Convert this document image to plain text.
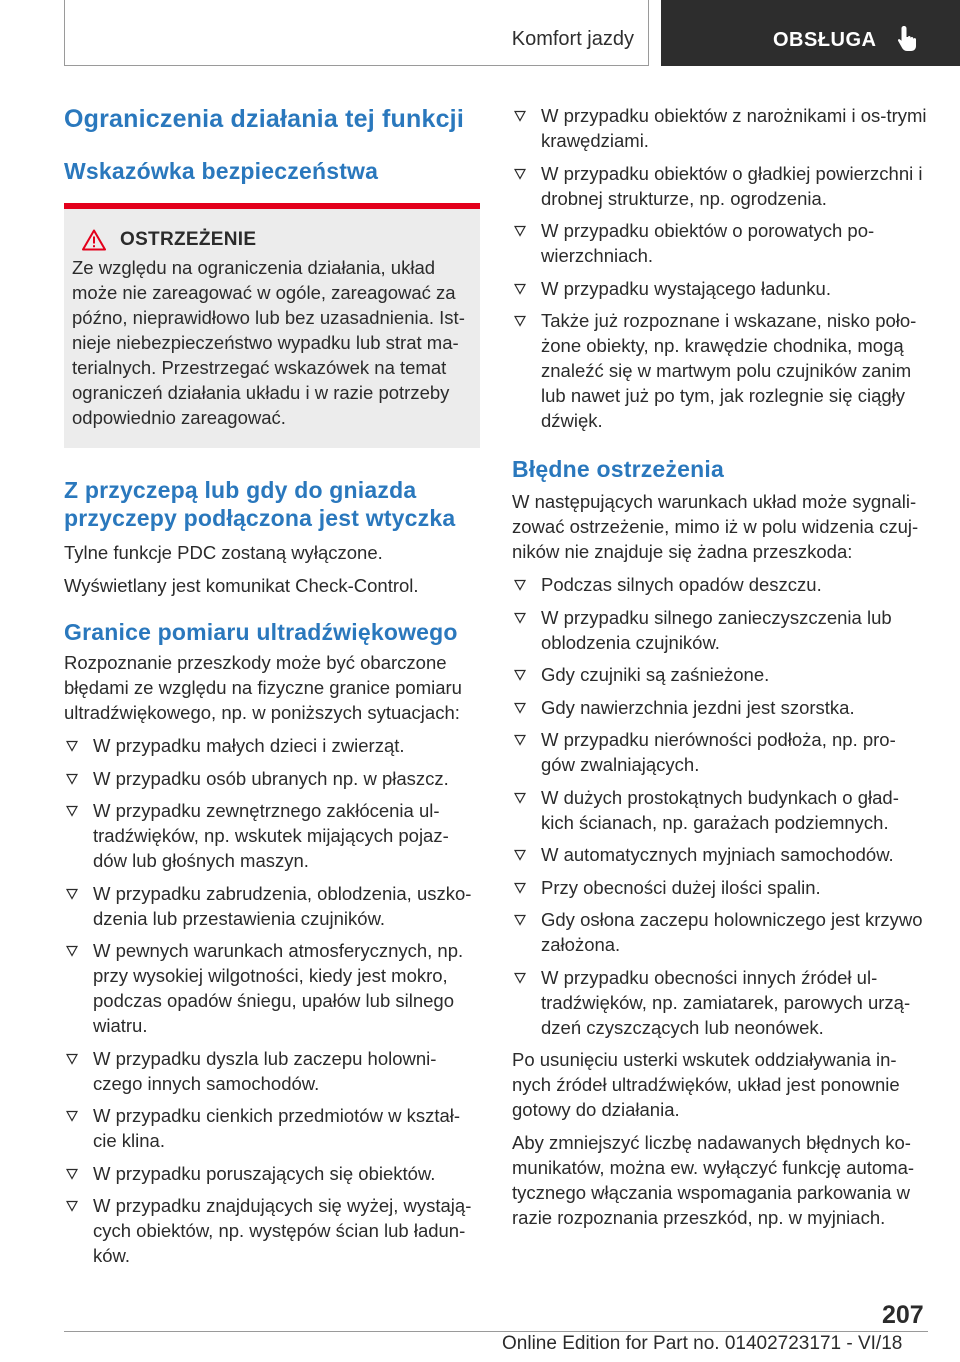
Komfort jazdy	OBSŁUGA
Ograniczenia działania tej funkcji
Wskazówka bezpieczeństwa
OSTRZEŻENIE

Ze względu na ograniczenia działania, układ może nie zareagować w ogóle, zareagować za późno, nieprawidłowo lub bez uzasadnienia. Ist-nieje niebezpieczeństwo wypadku lub strat ma-terialnych. Przestrzegać wskazówek na temat ograniczeń działania układu i w razie potrzeby odpowiednio zareagować.

Z przyczepą lub gdy do gniazda przyczepy podłączona jest wtyczka

Tylne funkcje PDC zostaną wyłączone.

Wyświetlany jest komunikat Check-Control.

Granice pomiaru ultradźwiękowego

Rozpoznanie przeszkody może być obarczone błędami ze względu na fizyczne granice pomiaru ultradźwiękowego, np. w poniższych sytuacjach:

W przypadku małych dzieci i zwierząt.
W przypadku osób ubranych np. w płaszcz.
W przypadku zewnętrznego zakłócenia ul-tradźwięków, np. wskutek mijających pojaz-dów lub głośnych maszyn.
W przypadku zabrudzenia, oblodzenia, uszko-dzenia lub przestawienia czujników.
W pewnych warunkach atmosferycznych, np. przy wysokiej wilgotności, kiedy jest mokro, podczas opadów śniegu, upałów lub silnego wiatru.
W przypadku dyszla lub zaczepu holowni-czego innych samochodów.
W przypadku cienkich przedmiotów w kształ-cie klina.
W przypadku poruszających się obiektów.
W przypadku znajdujących się wyżej, wystają-cych obiektów, np. występów ścian lub ładun-ków.
W przypadku obiektów z narożnikami i os-trymi krawędziami.
W przypadku obiektów o gładkiej powierzchni i drobnej strukturze, np. ogrodzenia.
W przypadku obiektów o porowatych po-wierzchniach.
W przypadku wystającego ładunku.
Także już rozpoznane i wskazane, nisko poło-żone obiekty, np. krawędzie chodnika, mogą znaleźć się w martwym polu czujników zanim lub nawet już po tym, jak rozlegnie się ciągły dźwięk.
Błędne ostrzeżenia

W następujących warunkach układ może sygnali-zować ostrzeżenie, mimo iż w polu widzenia czuj-ników nie znajduje się żadna przeszkoda:

Podczas silnych opadów deszczu.
W przypadku silnego zanieczyszczenia lub oblodzenia czujników.
Gdy czujniki są zaśnieżone.
Gdy nawierzchnia jezdni jest szorstka.
W przypadku nierówności podłoża, np. pro-gów zwalniających.
W dużych prostokątnych budynkach o gład-kich ścianach, np. garażach podziemnych.
W automatycznych myjniach samochodów.
Przy obecności dużej ilości spalin.
Gdy osłona zaczepu holowniczego jest krzywo założona.
W przypadku obecności innych źródeł ul-tradźwięków, np. zamiatarek, parowych urzą-dzeń czyszczących lub neonówek.

Po usunięciu usterki wskutek oddziaływania in-nych źródeł ultradźwięków, układ jest ponownie gotowy do działania.

Aby zmniejszyć liczbę nadawanych błędnych ko-munikatów, można ew. wyłączyć funkcję automa-tycznego włączania wspomagania parkowania w razie rozpoznania przeszkód, np. w myjniach.

207
Online Edition for Part no. 01402723171 - VI/18
